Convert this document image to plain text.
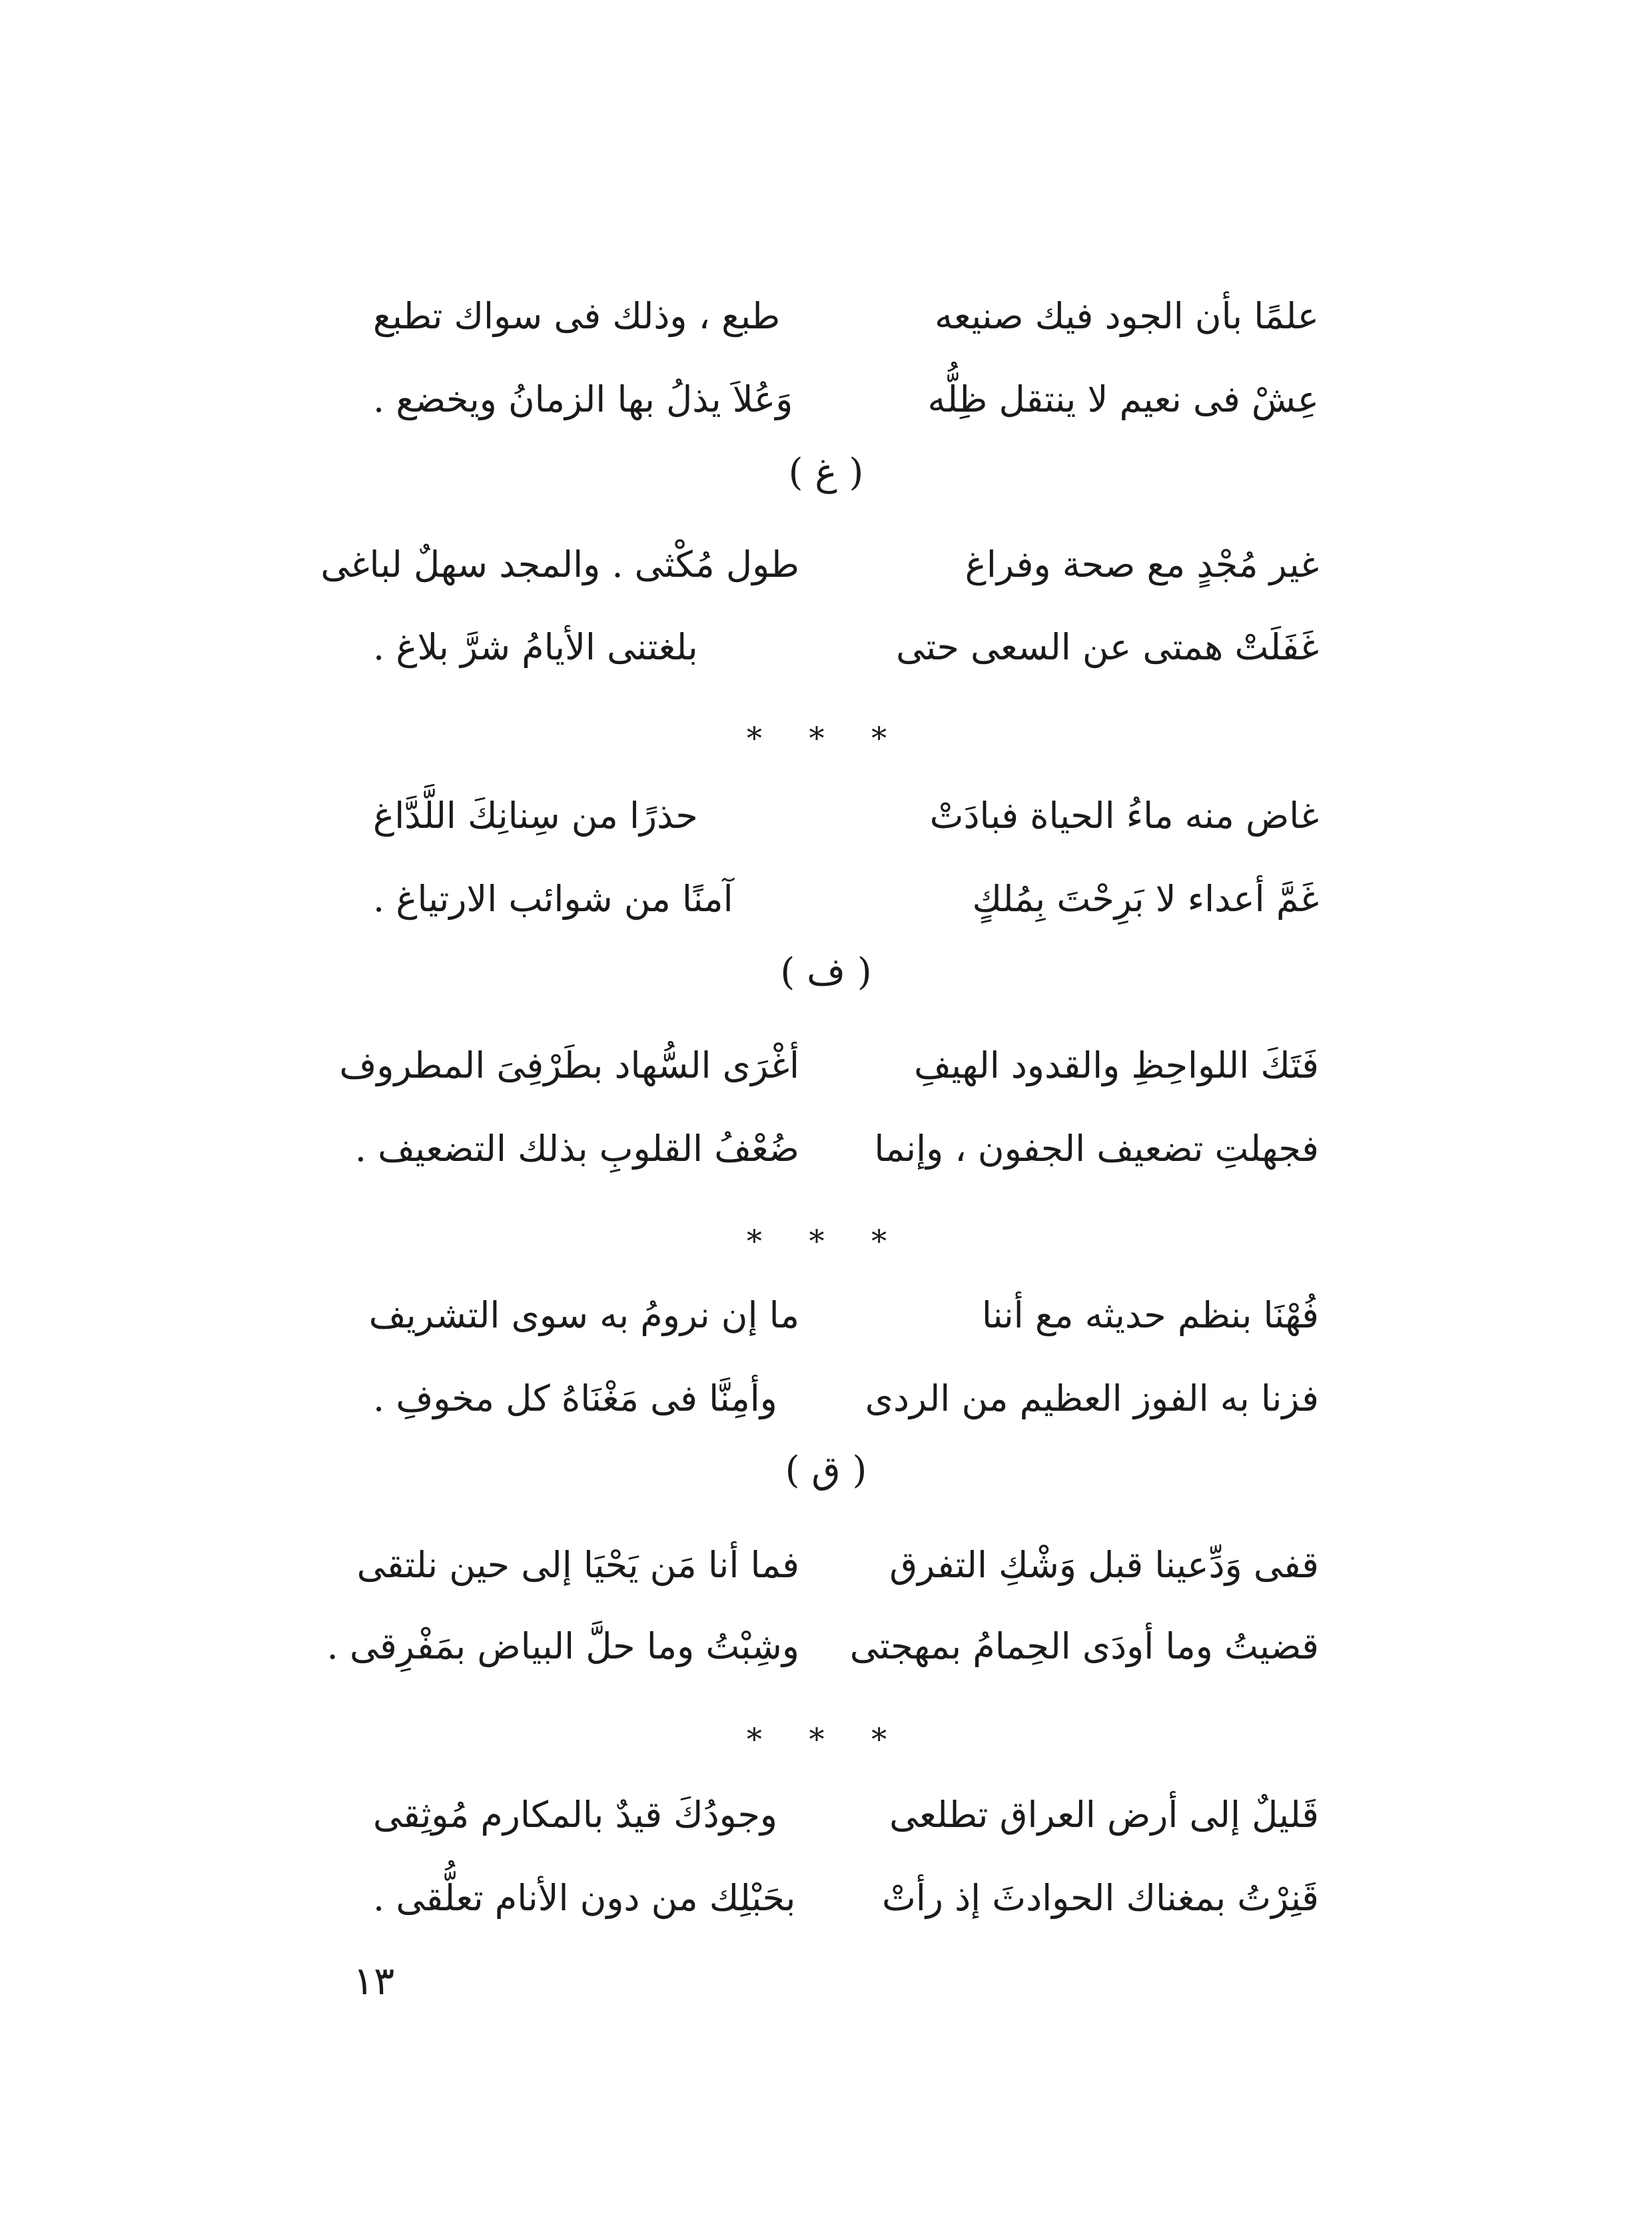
علمًا بأن الجود فيك صنيعه
طبع ، وذلك فى سواك تطبع
عِشْ فى نعيم لا ينتقل ظِلُّه
وَعُلاَ يذلُ بها الزمانُ ويخضع .
( غ )
غير مُجْدٍ مع صحة وفراغ
طول مُكْثى . والمجد سهلٌ لباغى
غَفَلَتْ همتى عن السعى حتى
بلغتنى الأيامُ شرَّ بلاغ .
* * *
غاض منه ماءُ الحياة فبادَتْ
حذرًا من سِنانِكَ اللَّدَّاغ
غَمَّ أعداء لا بَرِحْتَ بِمُلكٍ
آمنًا من شوائب الارتياغ .
( ف )
فَتَكَ اللواحِظِ والقدود الهيفِ
أغْرَى السُّهاد بطَرْفِىَ المطروف
فجهلتِ تضعيف الجفون ، وإنما
ضُعْفُ القلوبِ بذلك التضعيف .
* * *
فُهْنَا بنظم حديثه مع أننا
ما إن نرومُ به سوى التشريف
فزنا به الفوز العظيم من الردى
وأمِنَّا فى مَغْنَاهُ كل مخوفِ .
( ق )
قفى وَدِّعينا قبل وَشْكِ التفرق
فما أنا مَن يَحْيَا إلى حين نلتقى
قضيتُ وما أودَى الحِمامُ بمهجتى
وشِبْتُ وما حلَّ البياض بمَفْرِقى .
* * *
قَليلٌ إلى أرض العراق تطلعى
وجودُكَ قيدٌ بالمكارم مُوثِقى
قَنِرْتُ بمغناك الحوادثَ إذ رأتْ
بحَبْلِك من دون الأنام تعلُّقى .
١٣
